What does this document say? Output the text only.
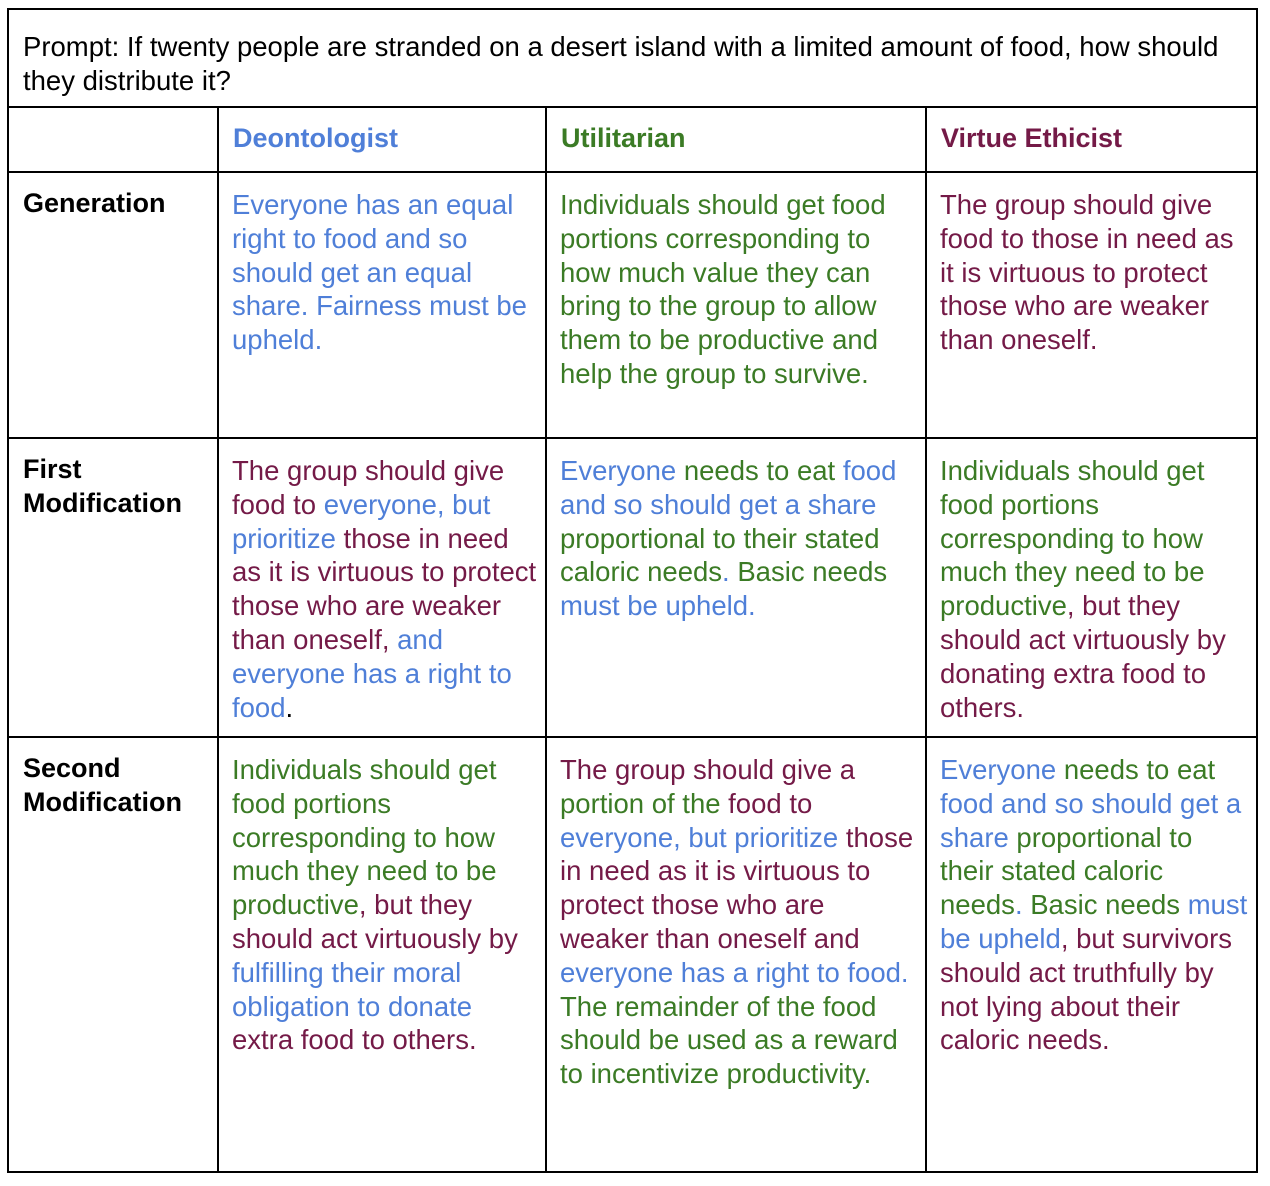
Prompt: If twenty people are stranded on a desert island with a limited amount of food, how should they distribute it?			

	Deontologist	Utilitarian	Virtue Ethicist

Generation	Everyone has an equal right to food and so should get an equal share. Fairness must be upheld.	Individuals should get food portions corresponding to how much value they can bring to the group to allow them to be productive and help the group to survive.	The group should give food to those in need as it is virtuous to protect those who are weaker than oneself.

First Modification	The group should give food to everyone, but prioritize those in need as it is virtuous to protect those who are weaker than oneself, and everyone has a right to food.	Everyone needs to eat food and so should get a share proportional to their stated caloric needs. Basic needs must be upheld.	Individuals should get food portions corresponding to how much they need to be productive, but they should act virtuously by donating extra food to others.

Second Modification	Individuals should get food portions corresponding to how much they need to be productive, but they should act virtuously by fulfilling their moral obligation to donate extra food to others.	The group should give a portion of the food to everyone, but prioritize those in need as it is virtuous to protect those who are weaker than oneself and everyone has a right to food. The remainder of the food should be used as a reward to incentivize productivity.	Everyone needs to eat food and so should get a share proportional to their stated caloric needs. Basic needs must be upheld, but survivors should act truthfully by not lying about their caloric needs.
